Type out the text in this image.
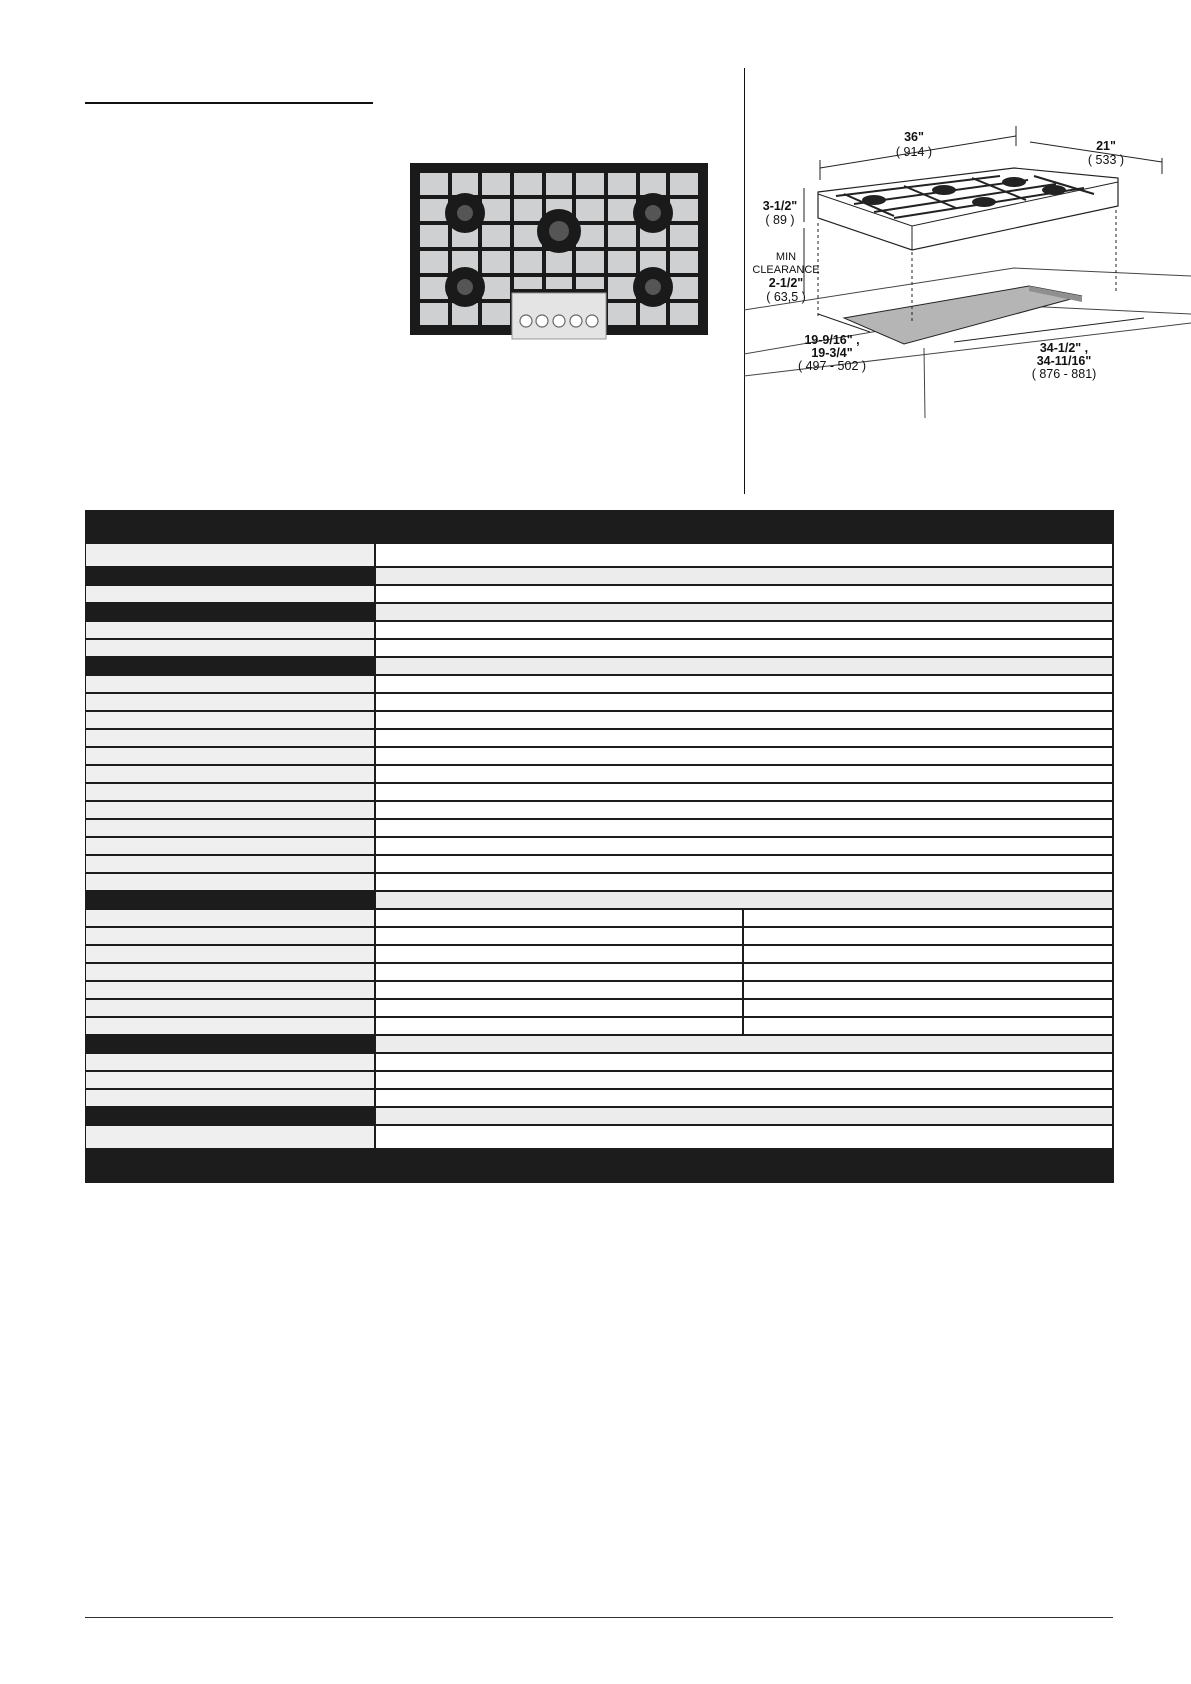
36"
( 914 )	21"
( 533 )
3-1/2"
( 89 )
MIN
CLEARANCE
2-1/2"
( 63,5 )
19-9/16" ,
19-3/4"
( 497 - 502 )
34-1/2" ,
34-11/16"
( 876 - 881)
